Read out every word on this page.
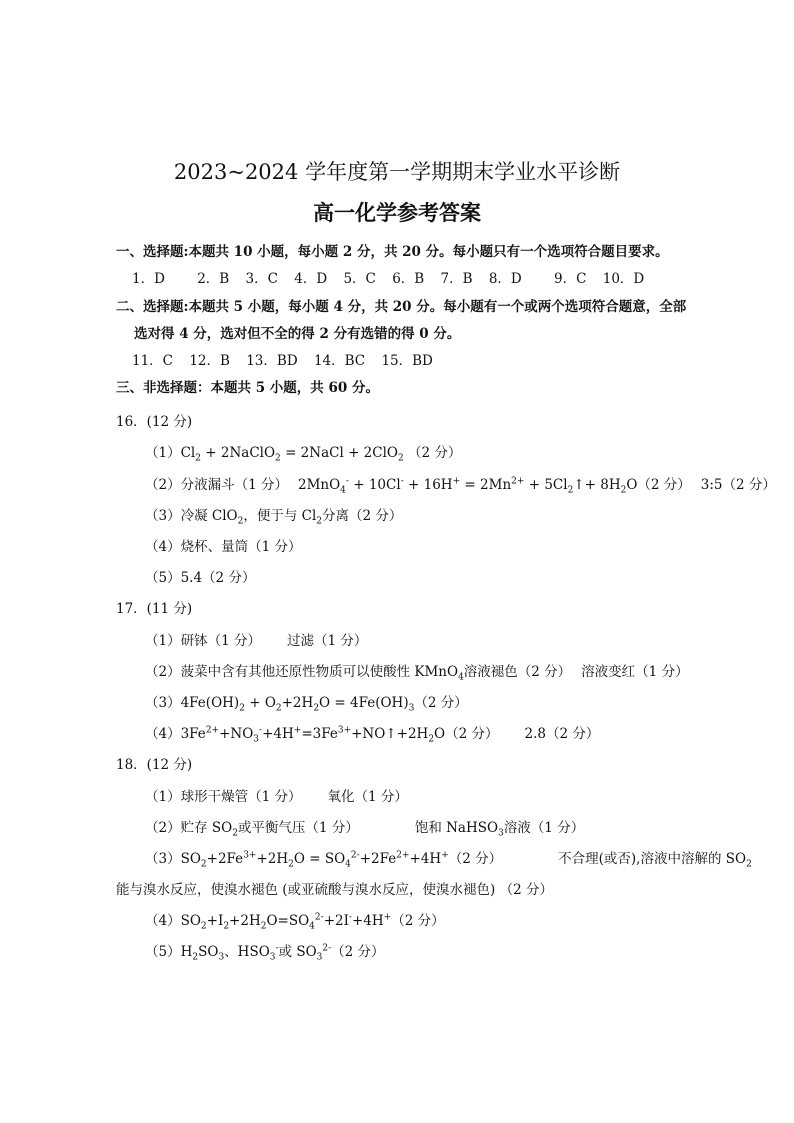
2023~2024 学年度第一学期期末学业水平诊断
高一化学参考答案
一、选择题:本题共 10 小题，每小题 2 分，共 20 分。每小题只有一个选项符合题目要求。
1．D 2．B 3．C 4．D 5．C 6．B 7．B 8．D 9．C 10．D
二、选择题:本题共 5 小题，每小题 4 分，共 20 分。每小题有一个或两个选项符合题意，全部
选对得 4 分，选对但不全的得 2 分有选错的得 0 分。
11．C 12．B 13．BD 14．BC 15．BD
三、非选择题：本题共 5 小题，共 60 分。
16．(12 分)
$(1)Cl_2$ + 2NaClO$_2$ = 2NaCl + 2ClO$_2$ （2 分）
（2）分液漏斗（1 分） $2MnO_4^- + 10Cl^- + 16H^+ = 2Mn^{2+}$ + $5Cl_2↑+ 8H_2O(2$ 分） 3:5（2 分）
（3）冷凝 ClO$_2$，便于与 $Cl_2$分离（2 分）
（4）烧杯、量筒（1 分）
（5）5.4（2 分）
17．(11 分)
（1）研钵（1 分） 过滤（1 分）
（2）菠菜中含有其他还原性物质可以使酸性 KMnO$_4$溶液褪色（2 分） 溶液变红（1 分）
$(3)4Fe(OH)_2 + O_2+2H_2O = 4Fe(OH)_3(2$ 分）
$(4)3Fe^{2+}+NO_3^-+4H^+=3Fe^{3+}+NO↑+2H_2O(2$ 分） 2.8（2 分）
18．(12 分)
（1）球形干燥管（1 分） 氧化（1 分）
（2）贮存 $SO_2$或平衡气压（1 分）	饱和 NaHSO$_3$溶液（1 分）
$(3)SO_2+2Fe^{3+}+2H_2O = SO_4^{2-}+2Fe^{2+}+4H^+(2$ 分）	不合理(或否),溶液中溶解的 $SO_2$
能与溴水反应，使溴水褪色 (或亚硫酸与溴水反应，使溴水褪色) （2 分）
$(4)SO_2+I_2+2H_2O=SO_4^{2-}+2I^-+4H^+(2$ 分）
$(5)H_2SO_3$、$HSO_3^-$或 $SO_3^{2-}(2$ 分）
